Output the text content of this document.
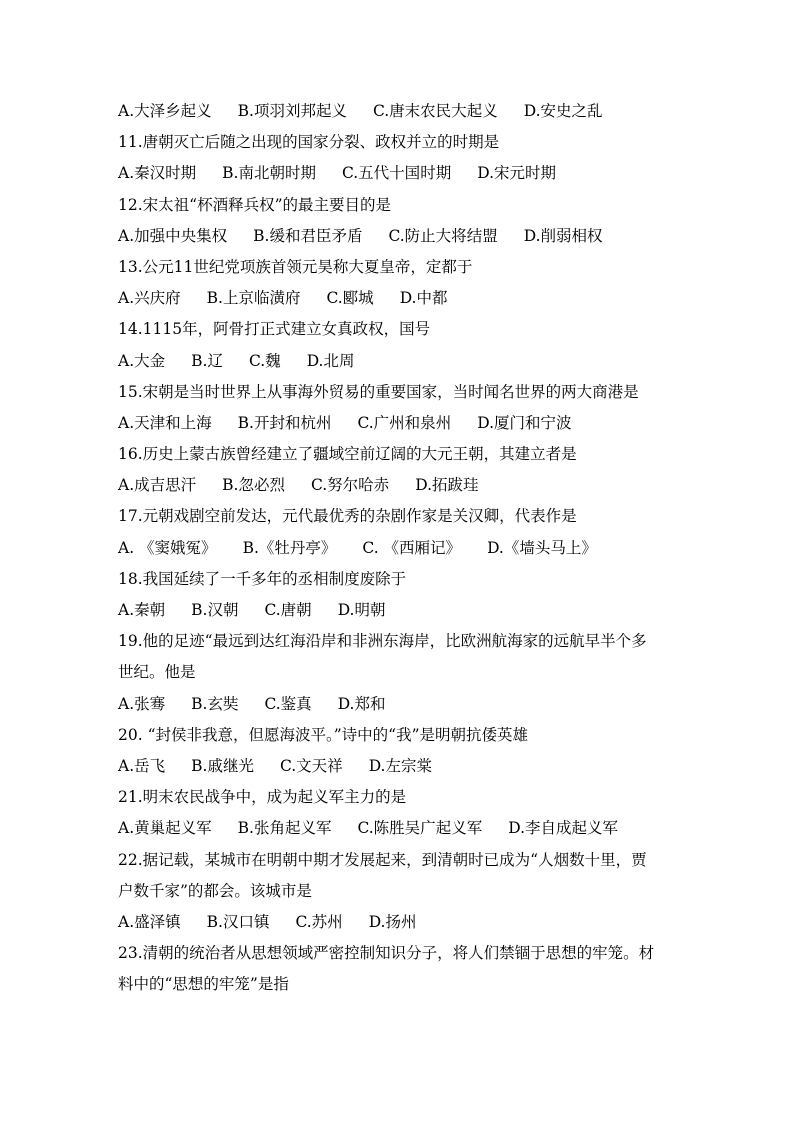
A.大泽乡起义 B.项羽刘邦起义 C.唐末农民大起义 D.安史之乱
11.唐朝灭亡后随之出现的国家分裂、政权并立的时期是
A.秦汉时期 B.南北朝时期 C.五代十国时期 D.宋元时期
12.宋太祖“杯酒释兵权”的最主要目的是
A.加强中央集权 B.缓和君臣矛盾 C.防止大将结盟 D.削弱相权
13.公元11世纪党项族首领元昊称大夏皇帝，定都于
A.兴庆府 B.上京临潢府 C.郾城 D.中都
14.1115年，阿骨打正式建立女真政权，国号
A.大金 B.辽 C.魏 D.北周
15.宋朝是当时世界上从事海外贸易的重要国家，当时闻名世界的两大商港是
A.天津和上海 B.开封和杭州 C.广州和泉州 D.厦门和宁波
16.历史上蒙古族曾经建立了疆域空前辽阔的大元王朝，其建立者是
A.成吉思汗 B.忽必烈 C.努尔哈赤 D.拓跋珪
17.元朝戏剧空前发达，元代最优秀的杂剧作家是关汉卿，代表作是
A. 《窦娥冤》 B.《牡丹亭》 C. 《西厢记》 D.《墙头马上》
18.我国延续了一千多年的丞相制度废除于
A.秦朝 B.汉朝 C.唐朝 D.明朝
19.他的足迹“最远到达红海沿岸和非洲东海岸，比欧洲航海家的远航早半个多
世纪。他是
A.张骞 B.玄奘 C.鉴真 D.郑和
20. “封侯非我意，但愿海波平。”诗中的“我”是明朝抗倭英雄
A.岳飞 B.戚继光 C.文天祥 D.左宗棠
21.明末农民战争中，成为起义军主力的是
A.黄巢起义军 B.张角起义军 C.陈胜吴广起义军 D.李自成起义军
22.据记载，某城市在明朝中期才发展起来，到清朝时已成为“人烟数十里，贾
户数千家”的都会。该城市是
A.盛泽镇 B.汉口镇 C.苏州 D.扬州
23.清朝的统治者从思想领域严密控制知识分子，将人们禁锢于思想的牢笼。材
料中的“思想的牢笼”是指
